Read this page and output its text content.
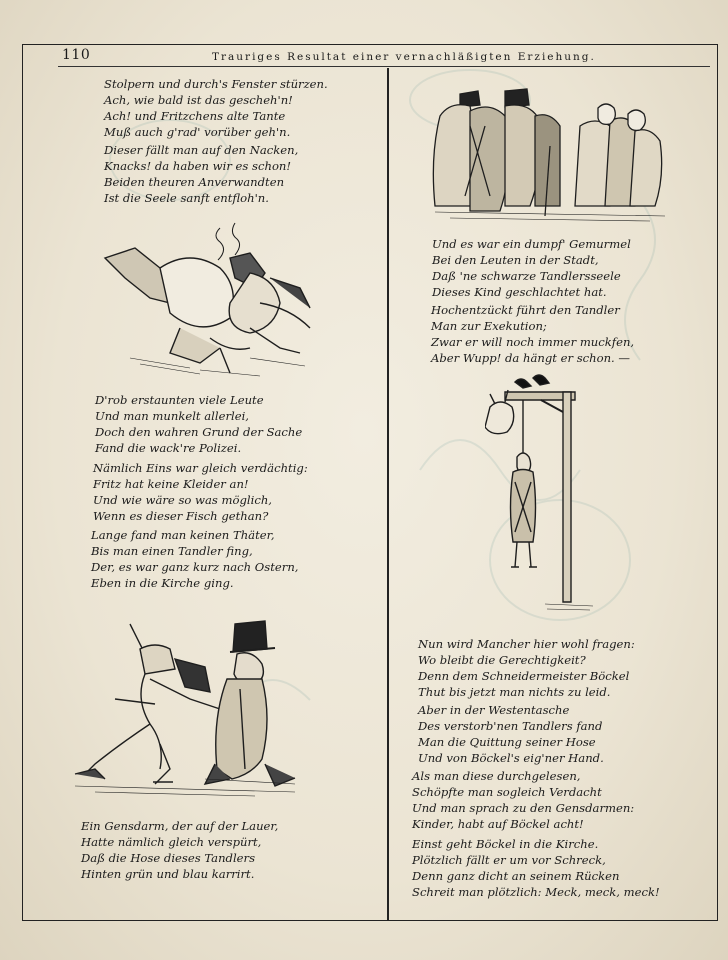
110	Trauriges Resultat einer vernachläßigten Erziehung.
Stolpern und durch's Fenster stürzen.
Ach, wie bald ist das gescheh'n!
Ach! und Fritzchens alte Tante
Muß auch g'rad' vorüber geh'n.
Dieser fällt man auf den Nacken,
Knacks! da haben wir es schon!
Beiden theuren Anverwandten
Ist die Seele sanft entfloh'n.
D'rob erstaunten viele Leute
Und man munkelt allerlei,
Doch den wahren Grund der Sache
Fand die wack're Polizei.
Nämlich Eins war gleich verdächtig:
Fritz hat keine Kleider an!
Und wie wäre so was möglich,
Wenn es dieser Fisch gethan?
Lange fand man keinen Thäter,
Bis man einen Tandler fing,
Der, es war ganz kurz nach Ostern,
Eben in die Kirche ging.
Ein Gensdarm, der auf der Lauer,
Hatte nämlich gleich verspürt,
Daß die Hose dieses Tandlers
Hinten grün und blau karrirt.
Und es war ein dumpf' Gemurmel
Bei den Leuten in der Stadt,
Daß 'ne schwarze Tandlersseele
Dieses Kind geschlachtet hat.
Hochentzückt führt den Tandler
Man zur Exekution;
Zwar er will noch immer muckfen,
Aber Wupp! da hängt er schon. —
Nun wird Mancher hier wohl fragen:
Wo bleibt die Gerechtigkeit?
Denn dem Schneidermeister Böckel
Thut bis jetzt man nichts zu leid.
Aber in der Westentasche
Des verstorb'nen Tandlers fand
Man die Quittung seiner Hose
Und von Böckel's eig'ner Hand.
Als man diese durchgelesen,
Schöpfte man sogleich Verdacht
Und man sprach zu den Gensdarmen:
Kinder, habt auf Böckel acht!
Einst geht Böckel in die Kirche.
Plötzlich fällt er um vor Schreck,
Denn ganz dicht an seinem Rücken
Schreit man plötzlich: Meck, meck, meck!
